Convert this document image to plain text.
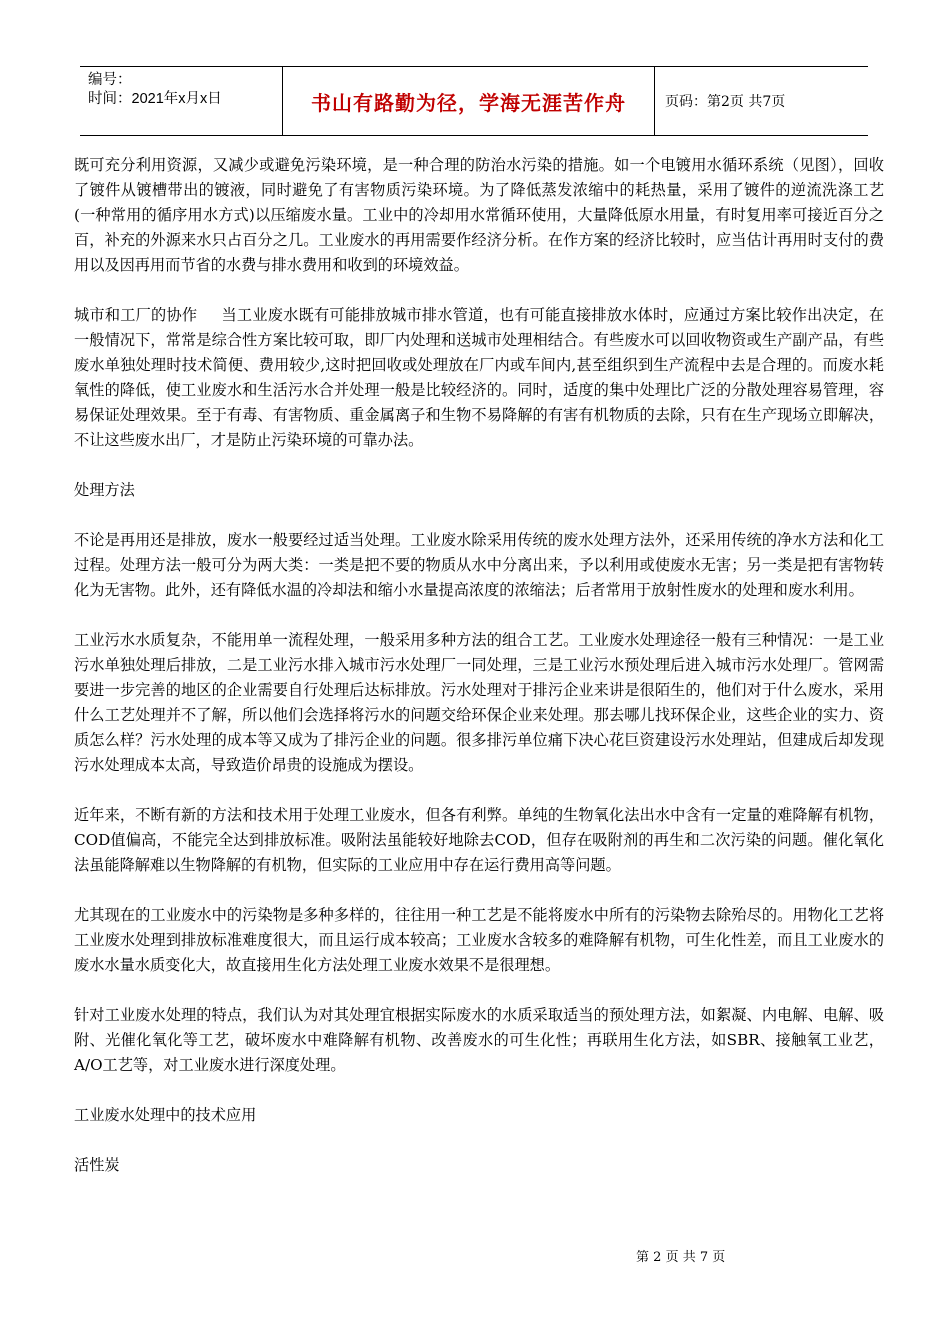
编号：
时间：2021年x月x日	书山有路勤为径，学海无涯苦作舟	页码：第2页 共7页

既可充分利用资源，又减少或避免污染环境，是一种合理的防治水污染的措施。如一个电镀用水循环系统（见图），回收了镀件从镀槽带出的镀液，同时避免了有害物质污染环境。为了降低蒸发浓缩中的耗热量，采用了镀件的逆流洗涤工艺(一种常用的循序用水方式)以压缩废水量。工业中的冷却用水常循环使用，大量降低原水用量，有时复用率可接近百分之百，补充的外源来水只占百分之几。工业废水的再用需要作经济分析。在作方案的经济比较时，应当估计再用时支付的费用以及因再用而节省的水费与排水费用和收到的环境效益。

城市和工厂的协作 当工业废水既有可能排放城市排水管道，也有可能直接排放水体时，应通过方案比较作出决定，在一般情况下，常常是综合性方案比较可取，即厂内处理和送城市处理相结合。有些废水可以回收物资或生产副产品，有些废水单独处理时技术简便、费用较少,这时把回收或处理放在厂内或车间内,甚至组织到生产流程中去是合理的。而废水耗氧性的降低，使工业废水和生活污水合并处理一般是比较经济的。同时，适度的集中处理比广泛的分散处理容易管理，容易保证处理效果。至于有毒、有害物质、重金属离子和生物不易降解的有害有机物质的去除，只有在生产现场立即解决，不让这些废水出厂，才是防止污染环境的可靠办法。

处理方法

不论是再用还是排放，废水一般要经过适当处理。工业废水除采用传统的废水处理方法外，还采用传统的净水方法和化工过程。处理方法一般可分为两大类：一类是把不要的物质从水中分离出来，予以利用或使废水无害；另一类是把有害物转化为无害物。此外，还有降低水温的冷却法和缩小水量提高浓度的浓缩法；后者常用于放射性废水的处理和废水利用。

工业污水水质复杂，不能用单一流程处理，一般采用多种方法的组合工艺。工业废水处理途径一般有三种情况：一是工业污水单独处理后排放，二是工业污水排入城市污水处理厂一同处理，三是工业污水预处理后进入城市污水处理厂。管网需要进一步完善的地区的企业需要自行处理后达标排放。污水处理对于排污企业来讲是很陌生的，他们对于什么废水，采用什么工艺处理并不了解，所以他们会选择将污水的问题交给环保企业来处理。那去哪儿找环保企业，这些企业的实力、资质怎么样？污水处理的成本等又成为了排污企业的问题。很多排污单位痛下决心花巨资建设污水处理站，但建成后却发现污水处理成本太高，导致造价昂贵的设施成为摆设。

近年来，不断有新的方法和技术用于处理工业废水，但各有利弊。单纯的生物氧化法出水中含有一定量的难降解有机物，COD值偏高，不能完全达到排放标准。吸附法虽能较好地除去COD，但存在吸附剂的再生和二次污染的问题。催化氧化法虽能降解难以生物降解的有机物，但实际的工业应用中存在运行费用高等问题。

尤其现在的工业废水中的污染物是多种多样的，往往用一种工艺是不能将废水中所有的污染物去除殆尽的。用物化工艺将工业废水处理到排放标准难度很大，而且运行成本较高；工业废水含较多的难降解有机物，可生化性差，而且工业废水的废水水量水质变化大，故直接用生化方法处理工业废水效果不是很理想。

针对工业废水处理的特点，我们认为对其处理宜根据实际废水的水质采取适当的预处理方法，如絮凝、内电解、电解、吸附、光催化氧化等工艺，破坏废水中难降解有机物、改善废水的可生化性；再联用生化方法，如SBR、接触氧工业艺，A/O工艺等，对工业废水进行深度处理。

工业废水处理中的技术应用

活性炭

第 2 页 共 7 页
